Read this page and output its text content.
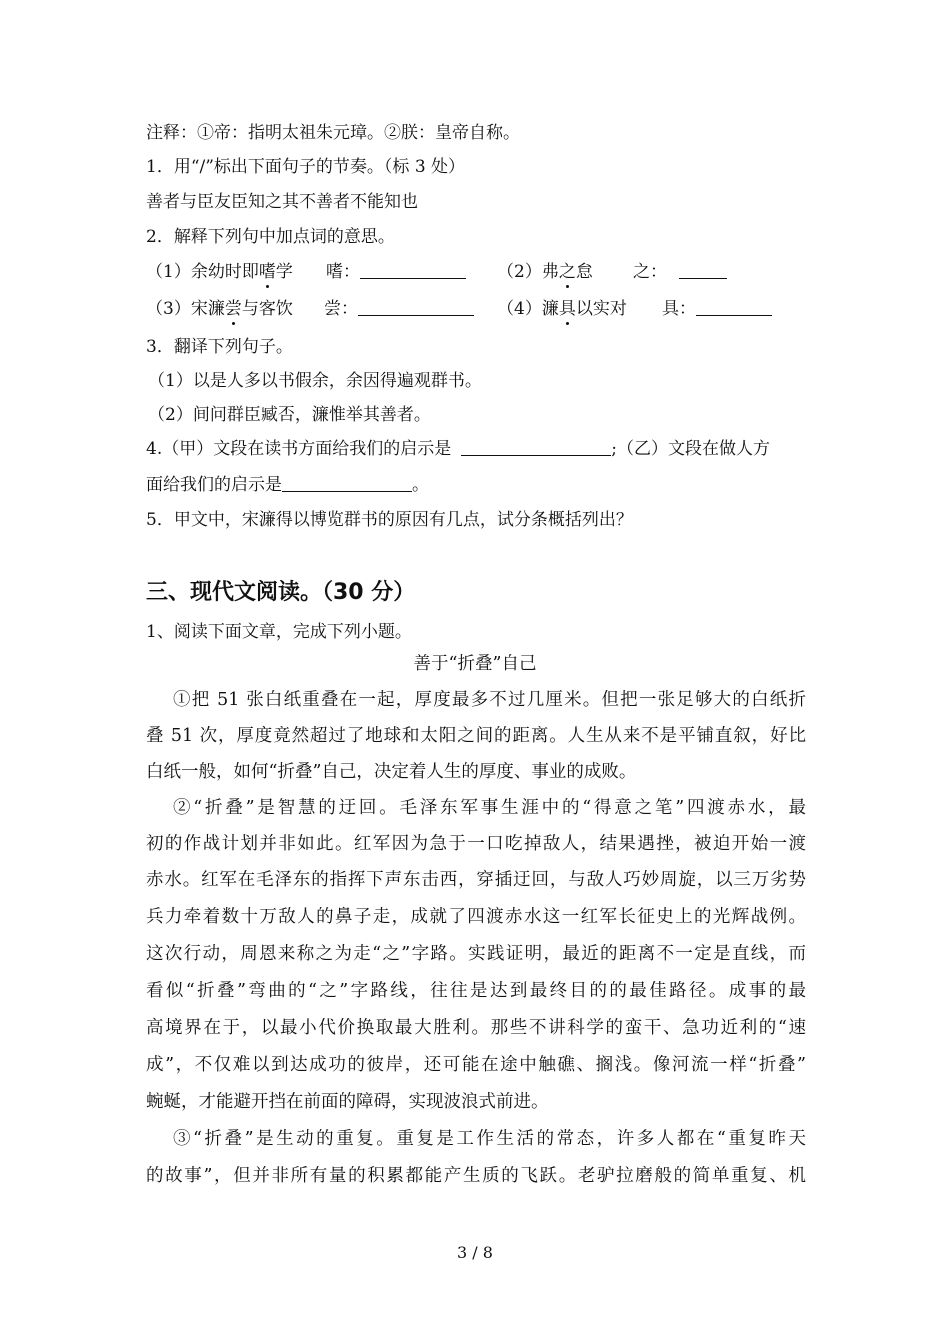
注释：①帝：指明太祖朱元璋。②朕：皇帝自称。
1．用“/”标出下面句子的节奏。（标 3 处）
善者与臣友臣知之其不善者不能知也
2．解释下列句中加点词的意思。
（1）余幼时即嗜学 嗜：	（2）弗之怠 之：
（3）宋濂尝与客饮 尝：	（4）濂具以实对 具：
3．翻译下列句子。
（1）以是人多以书假余，余因得遍观群书。
（2）间问群臣臧否，濂惟举其善者。
4.（甲）文段在读书方面给我们的启示是	;（乙）文段在做人方
面给我们的启示是	。
5．甲文中，宋濂得以博览群书的原因有几点，试分条概括列出？
三、现代文阅读。（30 分）
1、阅读下面文章，完成下列小题。
善于“折叠”自己
①把 51 张白纸重叠在一起，厚度最多不过几厘米。但把一张足够大的白纸折
叠 51 次，厚度竟然超过了地球和太阳之间的距离。人生从来不是平铺直叙，好比
白纸一般，如何“折叠”自己，决定着人生的厚度、事业的成败。
②“折叠”是智慧的迂回。毛泽东军事生涯中的“得意之笔”四渡赤水，最
初的作战计划并非如此。红军因为急于一口吃掉敌人，结果遇挫，被迫开始一渡
赤水。红军在毛泽东的指挥下声东击西，穿插迂回，与敌人巧妙周旋，以三万劣势
兵力牵着数十万敌人的鼻子走，成就了四渡赤水这一红军长征史上的光辉战例。
这次行动，周恩来称之为走“之”字路。实践证明，最近的距离不一定是直线，而
看似“折叠”弯曲的“之”字路线，往往是达到最终目的的最佳路径。成事的最
高境界在于，以最小代价换取最大胜利。那些不讲科学的蛮干、急功近利的“速
成”，不仅难以到达成功的彼岸，还可能在途中触礁、搁浅。像河流一样“折叠”
蜿蜒，才能避开挡在前面的障碍，实现波浪式前进。
③“折叠”是生动的重复。重复是工作生活的常态，许多人都在“重复昨天
的故事”，但并非所有量的积累都能产生质的飞跃。老驴拉磨般的简单重复、机
3 / 8
